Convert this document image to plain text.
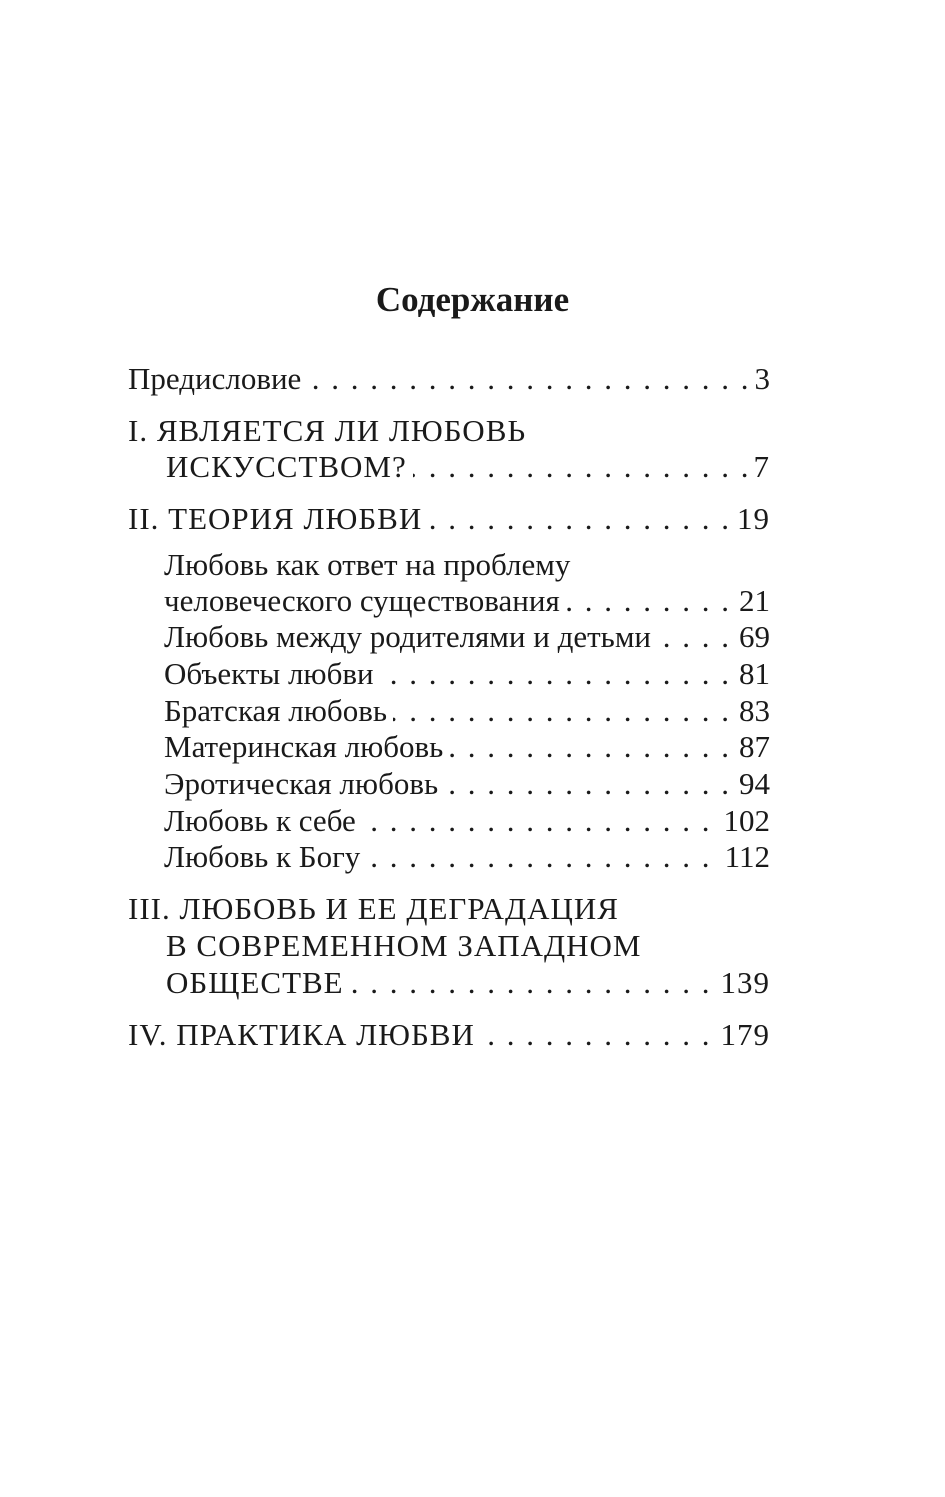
Содержание
. . . Предисловие	3
I. ЯВЛЯЕТСЯ ЛИ ЛЮБОВЬ
. . . ИСКУССТВОМ?	7
. . . II. ТЕОРИЯ ЛЮБВИ	19
Любовь как ответ на проблему
. . . человеческого существования	21
. . . Любовь между родителями и детьми	69
. . . Объекты любви	81
. . . Братская любовь	83
. . . Материнская любовь	87
. . . Эротическая любовь	94
. . . Любовь к себе	102
. . . Любовь к Богу	112
III. ЛЮБОВЬ И ЕЕ ДЕГРАДАЦИЯ
В СОВРЕМЕННОМ ЗАПАДНОМ
. . . ОБЩЕСТВЕ	139
. . . IV. ПРАКТИКА ЛЮБВИ	179
